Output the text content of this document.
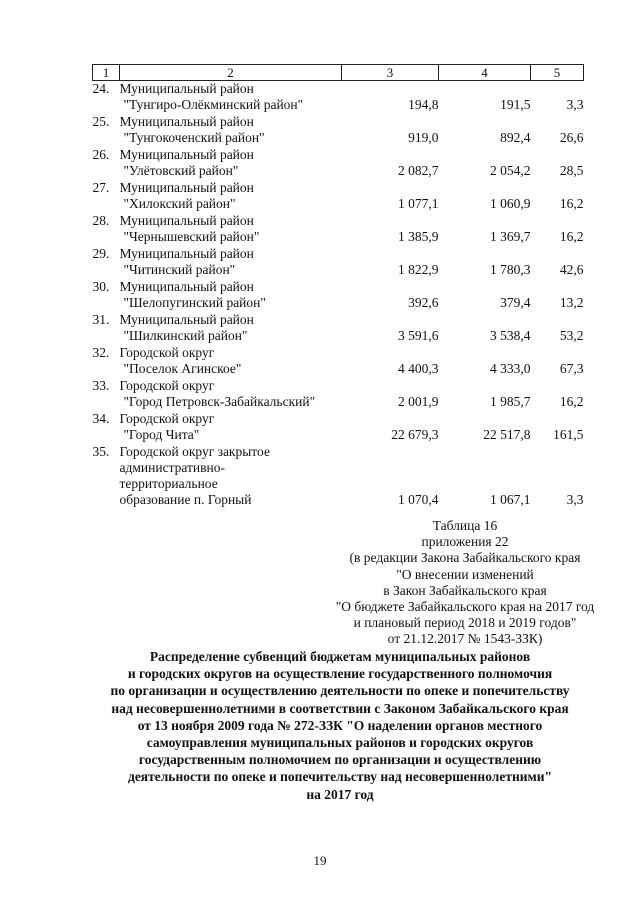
1	2	3	4	5
24.	Муниципальный район
"Тунгиро-Олёкминский район"	194,8	191,5	3,3
25.	Муниципальный район
"Тунгокоченский район"	919,0	892,4	26,6
26.	Муниципальный район
"Улётовский район"	2 082,7	2 054,2	28,5
27.	Муниципальный район
"Хилокский район"	1 077,1	1 060,9	16,2
28.	Муниципальный район
"Чернышевский район"	1 385,9	1 369,7	16,2
29.	Муниципальный район
"Читинский район"	1 822,9	1 780,3	42,6
30.	Муниципальный район
"Шелопугинский район"	392,6	379,4	13,2
31.	Муниципальный район
"Шилкинский район"	3 591,6	3 538,4	53,2
32.	Городской округ
"Поселок Агинское"	4 400,3	4 333,0	67,3
33.	Городской округ
"Город Петровск-Забайкальский"	2 001,9	1 985,7	16,2
34.	Городской округ
"Город Чита"	22 679,3	22 517,8	161,5
35.	Городской округ закрытое
административно-
территориальное
образование п. Горный	1 070,4	1 067,1	3,3
Таблица 16
приложения 22
(в редакции Закона Забайкальского края
"О внесении изменений
в Закон Забайкальского края
"О бюджете Забайкальского края на 2017 год
и плановый период 2018 и 2019 годов"
от 21.12.2017 № 1543-ЗЗК)
Распределение субвенций бюджетам муниципальных районов
и городских округов на осуществление государственного полномочия
по организации и осуществлению деятельности по опеке и попечительству
над несовершеннолетними в соответствии с Законом Забайкальского края
от 13 ноября 2009 года № 272-ЗЗК "О наделении органов местного
самоуправления муниципальных районов и городских округов
государственным полномочием по организации и осуществлению
деятельности по опеке и попечительству над несовершеннолетними"
на 2017 год
19
